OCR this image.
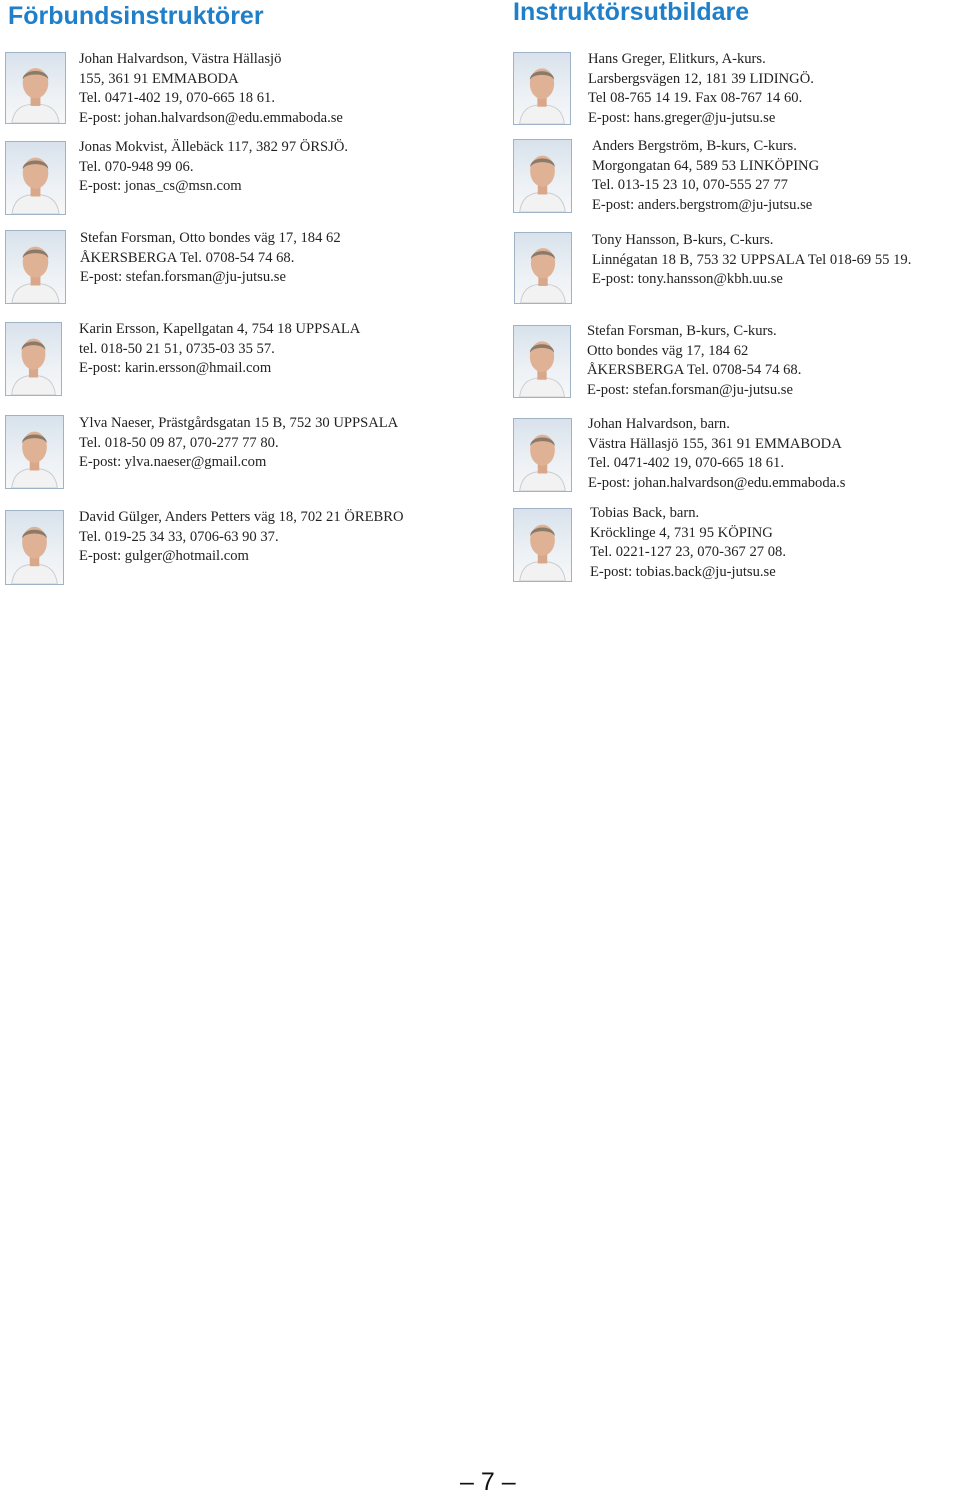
Förbundsinstruktörer	Instruktörsutbildare
Johan Halvardson, Västra Hällasjö
155, 361 91 EMMABODA
Tel. 0471-402 19, 070-665 18 61.
E-post: johan.halvardson@edu.emmaboda.se
Jonas Mokvist, Ällebäck 117, 382 97 ÖRSJÖ.
Tel. 070-948 99 06.
E-post: jonas_cs@msn.com
Stefan Forsman, Otto bondes väg 17, 184 62
ÅKERSBERGA Tel. 0708-54 74 68.
E-post: stefan.forsman@ju-jutsu.se
Karin Ersson, Kapellgatan 4, 754 18 UPPSALA
tel. 018-50 21 51, 0735-03 35 57.
E-post: karin.ersson@hmail.com
Ylva Naeser, Prästgårdsgatan 15 B, 752 30 UPPSALA
Tel. 018-50 09 87, 070-277 77 80.
E-post: ylva.naeser@gmail.com
David Gülger, Anders Petters väg 18, 702 21 ÖREBRO
Tel. 019-25 34 33, 0706-63 90 37.
E-post: gulger@hotmail.com
Hans Greger, Elitkurs, A-kurs.
Larsbergsvägen 12, 181 39 LIDINGÖ.
Tel 08-765 14 19. Fax 08-767 14 60.
E-post: hans.greger@ju-jutsu.se
Anders Bergström, B-kurs, C-kurs.
Morgongatan 64, 589 53 LINKÖPING
Tel. 013-15 23 10, 070-555 27 77
E-post: anders.bergstrom@ju-jutsu.se
Tony Hansson, B-kurs, C-kurs.
Linnégatan 18 B, 753 32 UPPSALA Tel 018-69 55 19.
E-post: tony.hansson@kbh.uu.se
Stefan Forsman, B-kurs, C-kurs.
Otto bondes väg 17, 184 62
ÅKERSBERGA Tel. 0708-54 74 68.
E-post: stefan.forsman@ju-jutsu.se
Johan Halvardson, barn.
Västra Hällasjö 155, 361 91 EMMABODA
Tel. 0471-402 19, 070-665 18 61.
E-post: johan.halvardson@edu.emmaboda.s
Tobias Back, barn.
Kröcklinge 4, 731 95 KÖPING
Tel. 0221-127 23, 070-367 27 08.
E-post: tobias.back@ju-jutsu.se
– 7 –
